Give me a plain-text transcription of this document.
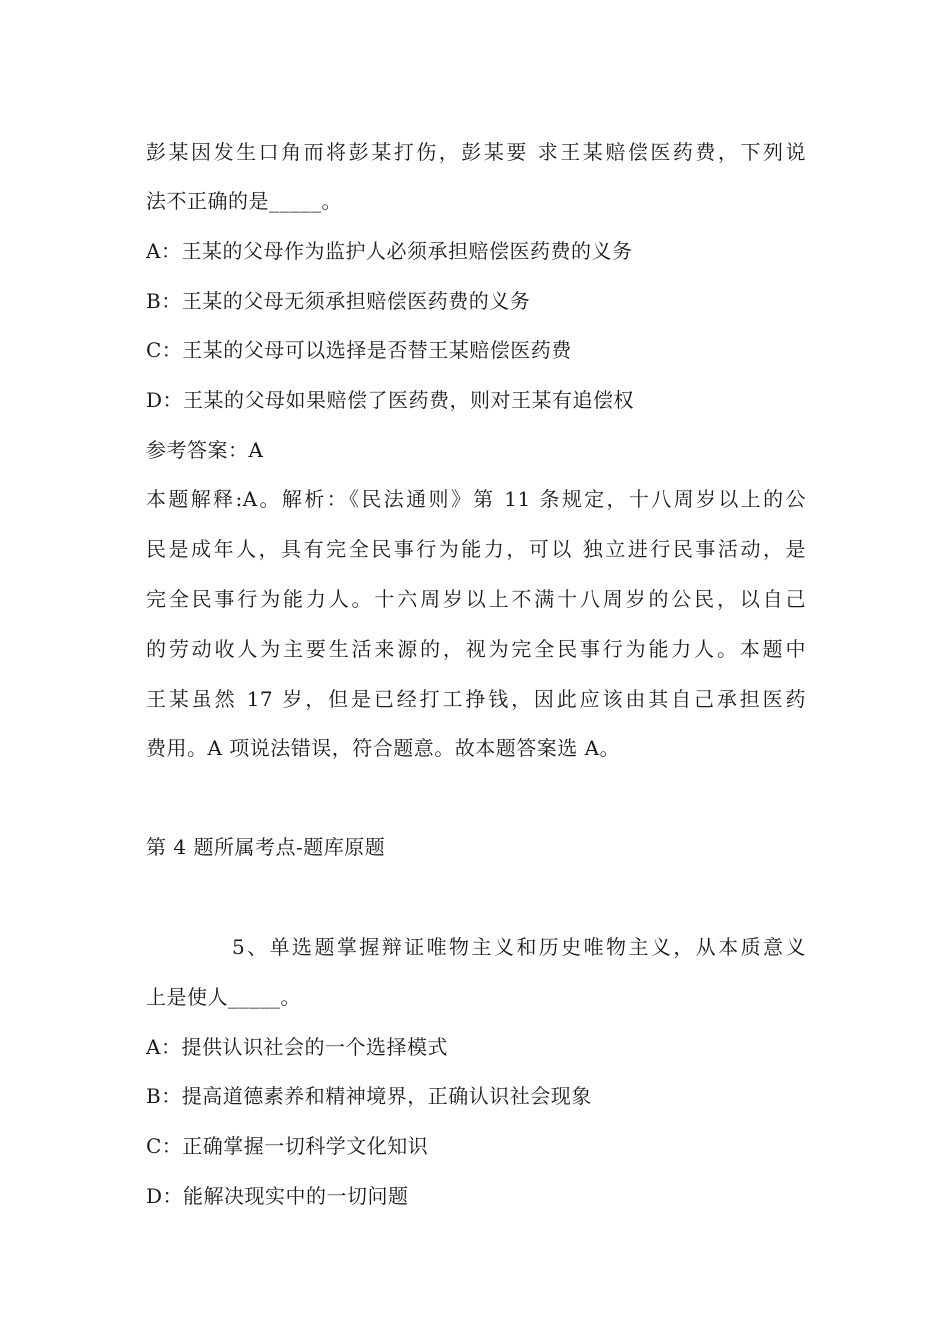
彭某因发生口角而将彭某打伤，彭某要 求王某赔偿医药费，下列说
法不正确的是_____。
A：王某的父母作为监护人必须承担赔偿医药费的义务
B：王某的父母无须承担赔偿医药费的义务
C：王某的父母可以选择是否替王某赔偿医药费
D：王某的父母如果赔偿了医药费，则对王某有追偿权
参考答案：A
本题解释:A。解析：《民法通则》第 11 条规定，十八周岁以上的公
民是成年人，具有完全民事行为能力，可以 独立进行民事活动，是
完全民事行为能力人。十六周岁以上不满十八周岁的公民，以自己
的劳动收人为主要生活来源的，视为完全民事行为能力人。本题中
王某虽然 17 岁，但是已经打工挣钱，因此应该由其自己承担医药
费用。A 项说法错误，符合题意。故本题答案选 A。
第 4 题所属考点-题库原题
5、单选题掌握辩证唯物主义和历史唯物主义，从本质意义
上是使人_____。
A：提供认识社会的一个选择模式
B：提高道德素养和精神境界，正确认识社会现象
C：正确掌握一切科学文化知识
D：能解决现实中的一切问题
